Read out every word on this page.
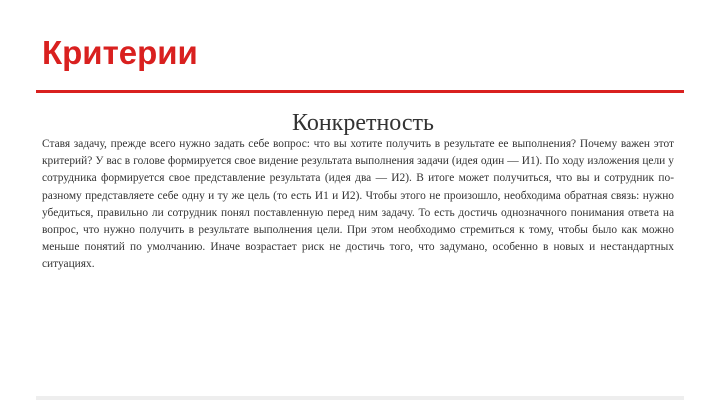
Критерии
Конкретность

Ставя задачу, прежде всего нужно задать себе вопрос: что вы хотите получить в результате ее выполнения? Почему важен этот критерий? У вас в голове формируется свое видение результата выполнения задачи (идея один — И1). По ходу изложения цели у сотрудника формируется свое представление результата (идея два — И2). В итоге может получиться, что вы и сотрудник по-разному представляете себе одну и ту же цель (то есть И1 и И2). Чтобы этого не произошло, необходима обратная связь: нужно убедиться, правильно ли сотрудник понял поставленную перед ним задачу. То есть достичь однозначного понимания ответа на вопрос, что нужно получить в результате выполнения цели. При этом необходимо стремиться к тому, чтобы было как можно меньше понятий по умолчанию. Иначе возрастает риск не достичь того, что задумано, особенно в новых и нестандартных ситуациях.
